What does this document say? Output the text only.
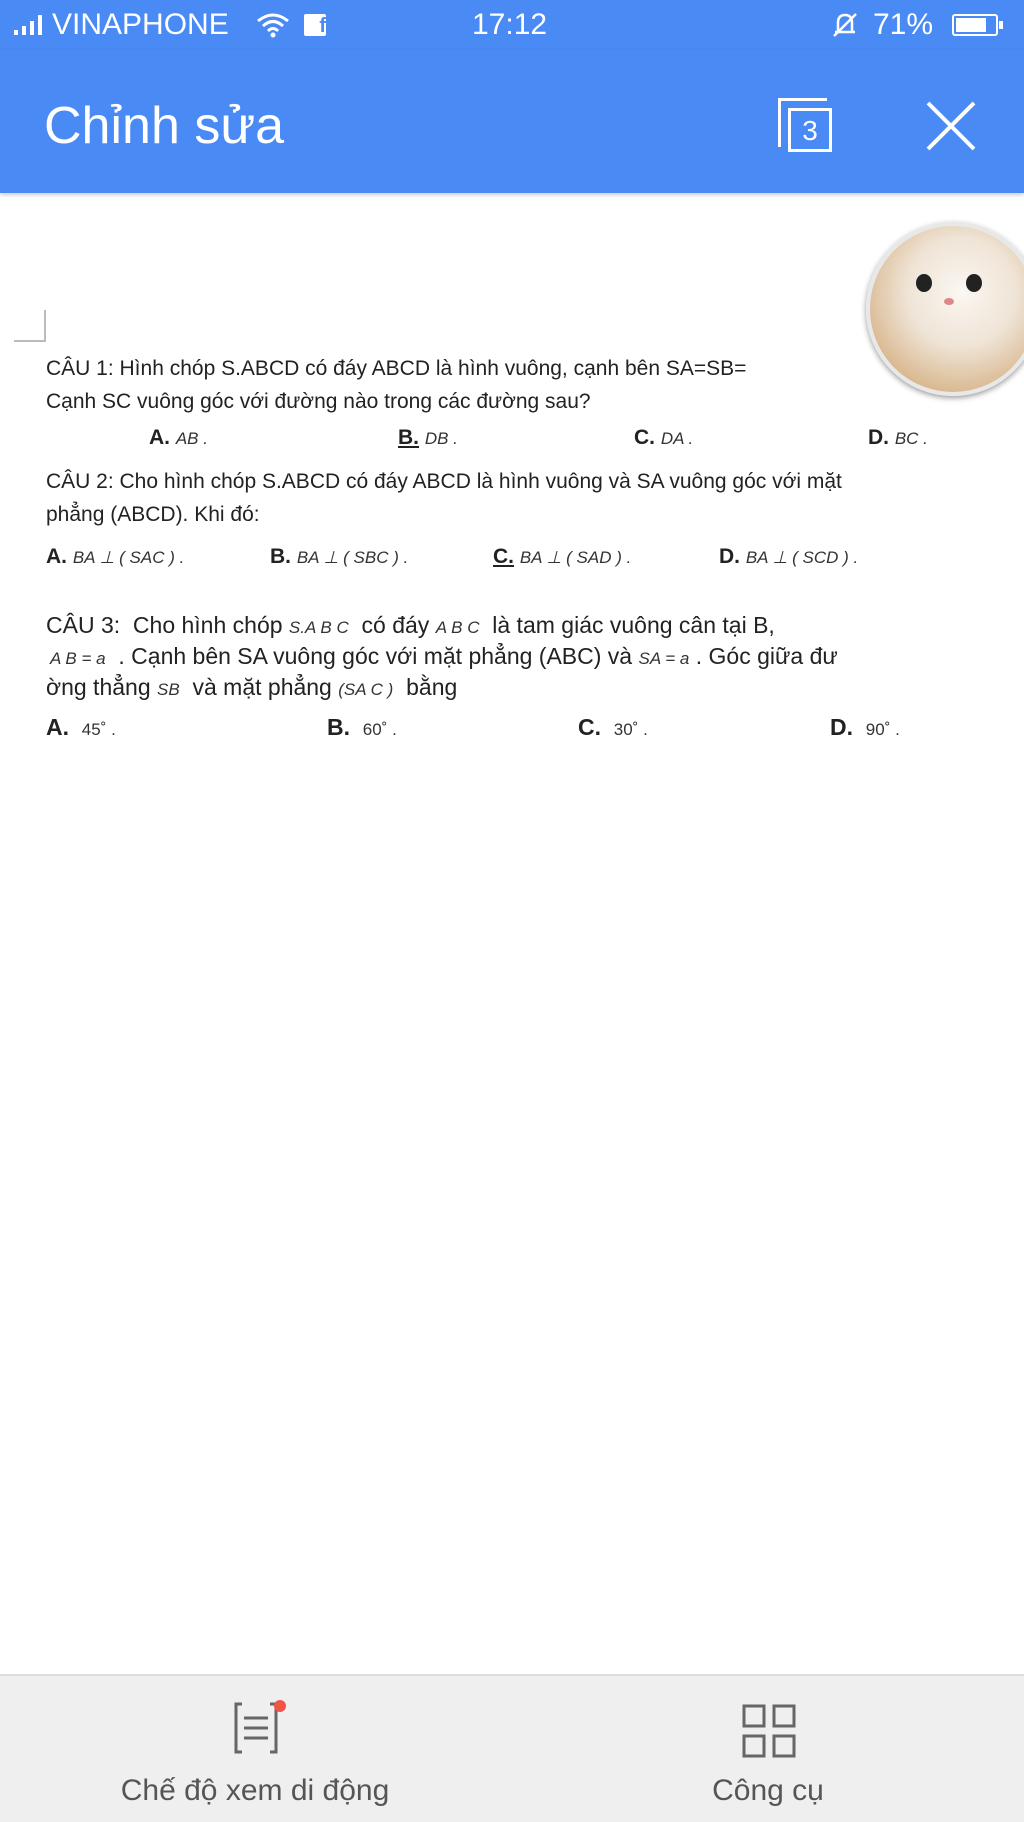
VINAPHONE	f	17:12	71%
Chỉnh sửa	3
CÂU 1: Hình chóp S.ABCD có đáy ABCD là hình vuông, cạnh bên SA=SB=
Cạnh SC vuông góc với đường nào trong các đường sau?
A. AB .	B. DB .	C. DA .	D. BC .
CÂU 2: Cho hình chóp S.ABCD có đáy ABCD là hình vuông và SA vuông góc với mặt
phẳng (ABCD). Khi đó:
A. BA ⊥ ( SAC ) .	B. BA ⊥ ( SBC ) .	C. BA ⊥ ( SAD ) .	D. BA ⊥ ( SCD ) .
CÂU 3:  Cho hình chóp S.A B C  có đáy A B C  là tam giác vuông cân tại B,
A B = a  . Cạnh bên SA vuông góc với mặt phẳng (ABC) và SA = a . Góc giữa đư
ờng thẳng SB  và mặt phẳng (SA C )  bằng
A. 45˚ .	B. 60˚ .	C. 30˚ .	D. 90˚ .
Chế độ xem di động	Công cụ
